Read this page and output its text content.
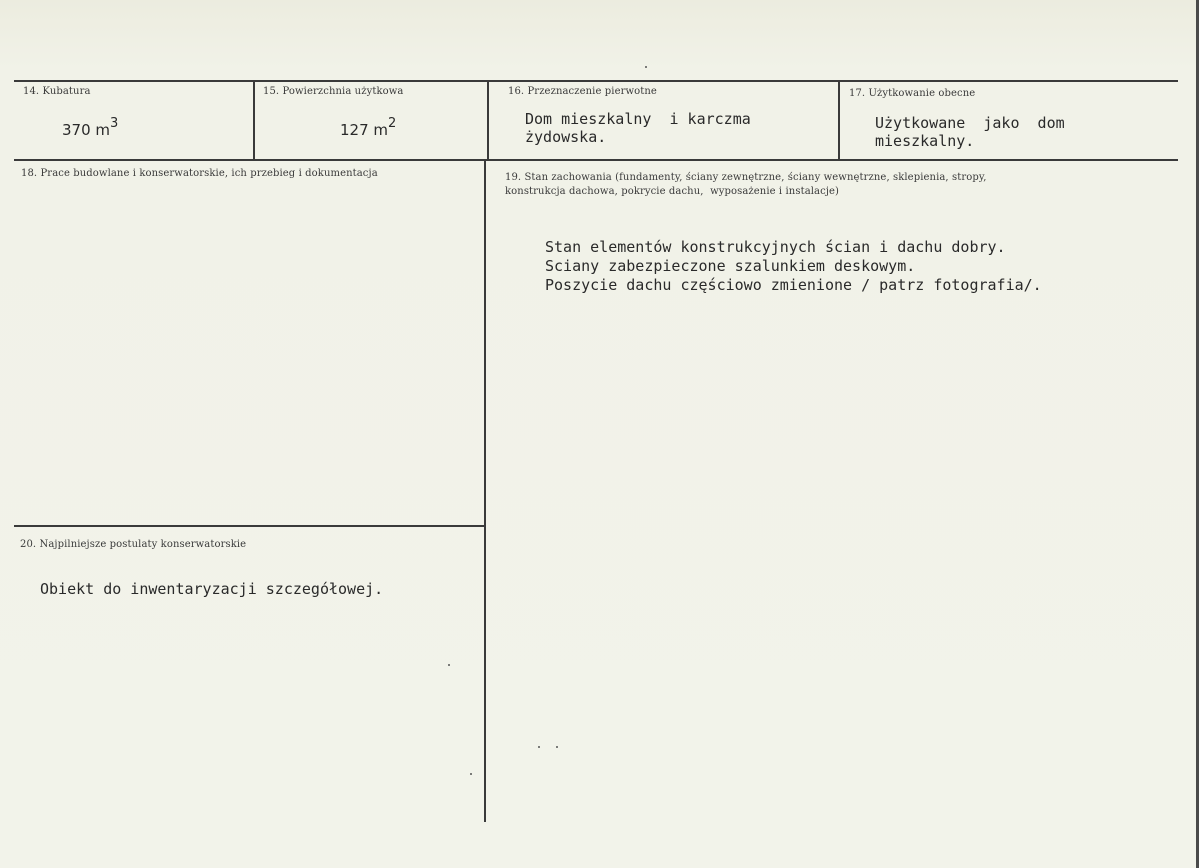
14. Kubatura
370 $m^3$
15. Powierzchnia użytkowa
127 $m^2$
16. Przeznaczenie pierwotne
Dom mieszkalny  i karczma
żydowska.
17. Użytkowanie obecne
Użytkowane  jako  dom
mieszkalny.
18. Prace budowlane i konserwatorskie, ich przebieg i dokumentacja	19. Stan zachowania (fundamenty, ściany zewnętrzne, ściany wewnętrzne, sklepienia, stropy,
konstrukcja dachowa, pokrycie dachu,  wyposażenie i instalacje)
Stan elementów konstrukcyjnych ścian i dachu dobry.
Sciany zabezpieczone szalunkiem deskowym.
Poszycie dachu częściowo zmienione / patrz fotografia/.
20. Najpilniejsze postulaty konserwatorskie
Obiekt do inwentaryzacji szczegółowej.
